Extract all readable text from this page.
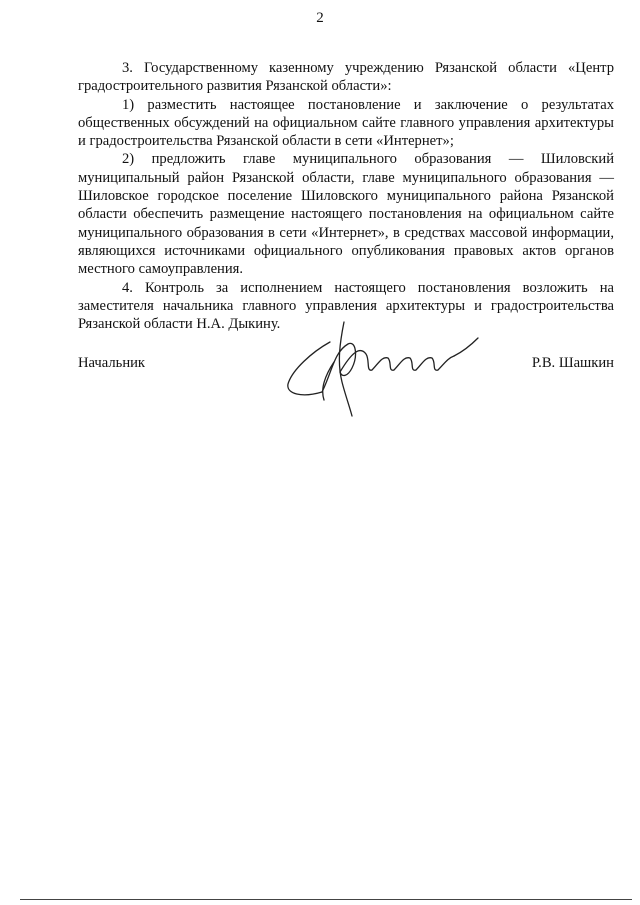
2

3. Государственному казенному учреждению Рязанской области «Центр градостроительного развития Рязанской области»:

1) разместить настоящее постановление и заключение о результатах общественных обсуждений на официальном сайте главного управления архитектуры и градостроительства Рязанской области в сети «Интернет»;

2) предложить главе муниципального образования — Шиловский муниципальный район Рязанской области, главе муниципального образования — Шиловское городское поселение Шиловского муниципального района Рязанской области обеспечить размещение настоящего постановления на официальном сайте муниципального образования в сети «Интернет», в средствах массовой информации, являющихся источниками официального опубликования правовых актов органов местного самоуправления.

4. Контроль за исполнением настоящего постановления возложить на заместителя начальника главного управления архитектуры и градостроительства Рязанской области Н.А. Дыкину.

Начальник	Р.В. Шашкин
